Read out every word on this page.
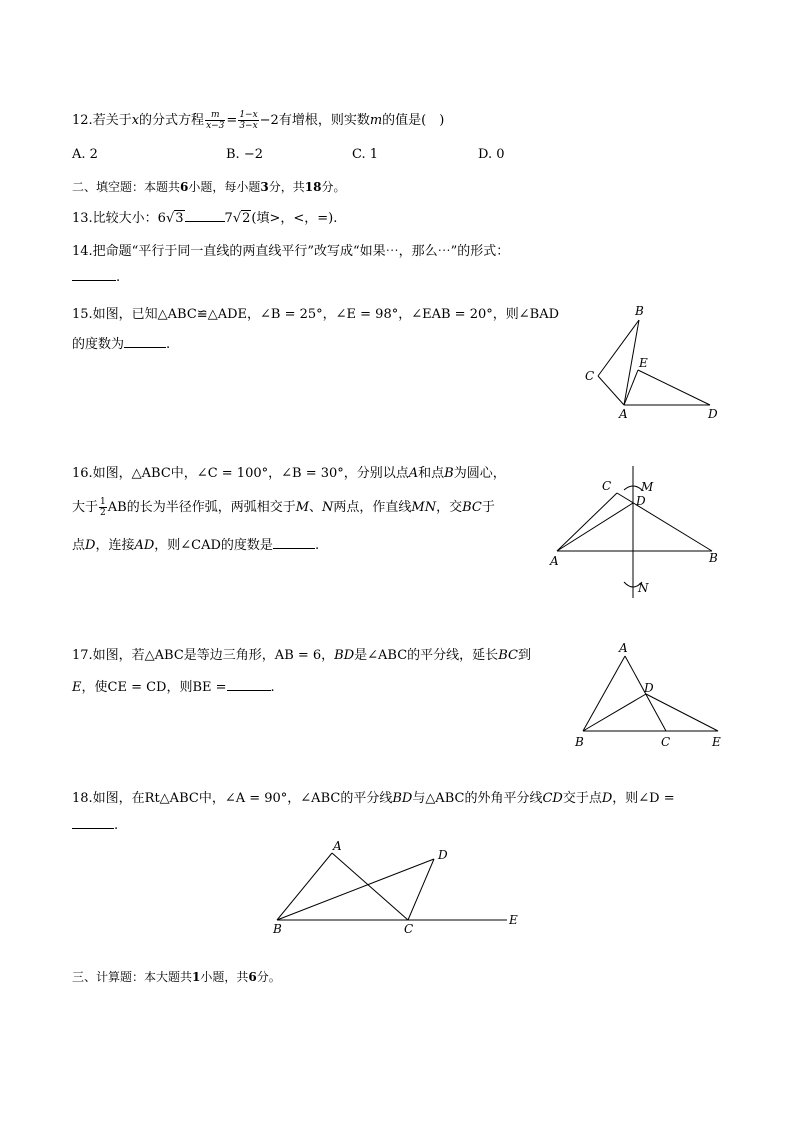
12.若关于x的分式方程 $\frac{m}{x-3} = \frac{1-x}{3-x} -2$有增根，则实数m的值是(　)
A. 2	B. −2	C. 1	D. 0
二、填空题：本题共6小题，每小题3分，共18分。
13.比较大小：6√3	7√2(填>，<，=).
14.把命题“平行于同一直线的两直线平行”改写成“如果⋯，那么⋯”的形式：
.
15.如图，已知△ABC≌△ADE，∠B = 25°，∠E = 98°，∠EAB = 20°，则∠BAD
的度数为	.
B
C
E
A	D
16.如图，△ABC中，∠C = 100°，∠B = 30°，分别以点A和点B为圆心，
大于 $\frac{1}{2}$ AB的长为半径作弧，两弧相交于M、N两点，作直线MN，交BC于
点D，连接AD，则∠CAD的度数是	.
C M
D
A	B
N
17.如图，若△ABC是等边三角形，AB = 6，BD是∠ABC的平分线，延长BC到
E，使CE = CD，则BE =	.
A
D
B	C	E
18.如图，在Rt△ABC中，∠A = 90°，∠ABC的平分线BD与△ABC的外角平分线CD交于点D，则∠D =
.
A
D
B	C
E
三、计算题：本大题共1小题，共6分。
